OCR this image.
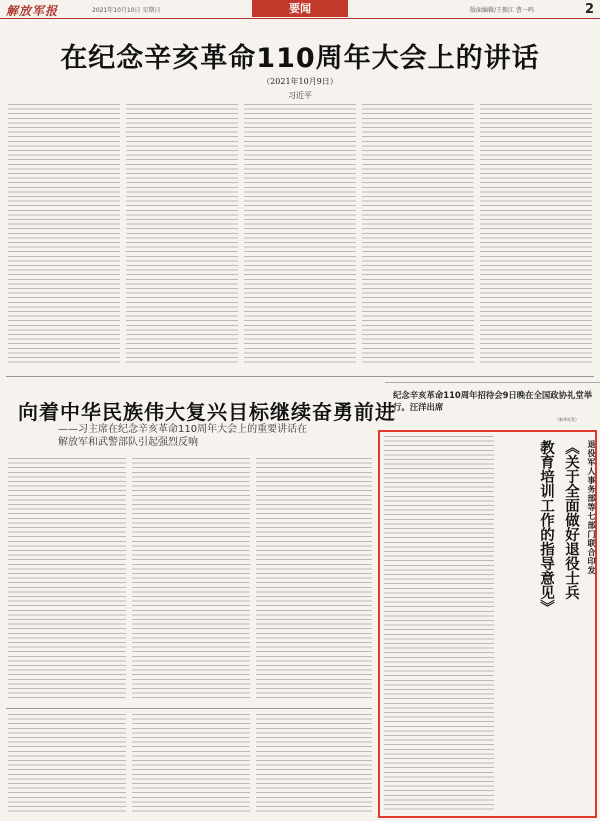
解放军报	2021年10月10日 星期日	要闻	版面编辑/王振江 曹一鸣	2
在纪念辛亥革命110周年大会上的讲话
（2021年10月9日）
习近平
纪念辛亥革命110周年招待会9日晚在全国政协礼堂举行。汪洋出席
（新华社发）
向着中华民族伟大复兴目标继续奋勇前进
——习主席在纪念辛亥革命110周年大会上的重要讲话在
解放军和武警部队引起强烈反响	退役军人事务部等七部门联合印发
《关于全面做好退役士兵
教育培训工作的指导意见》
